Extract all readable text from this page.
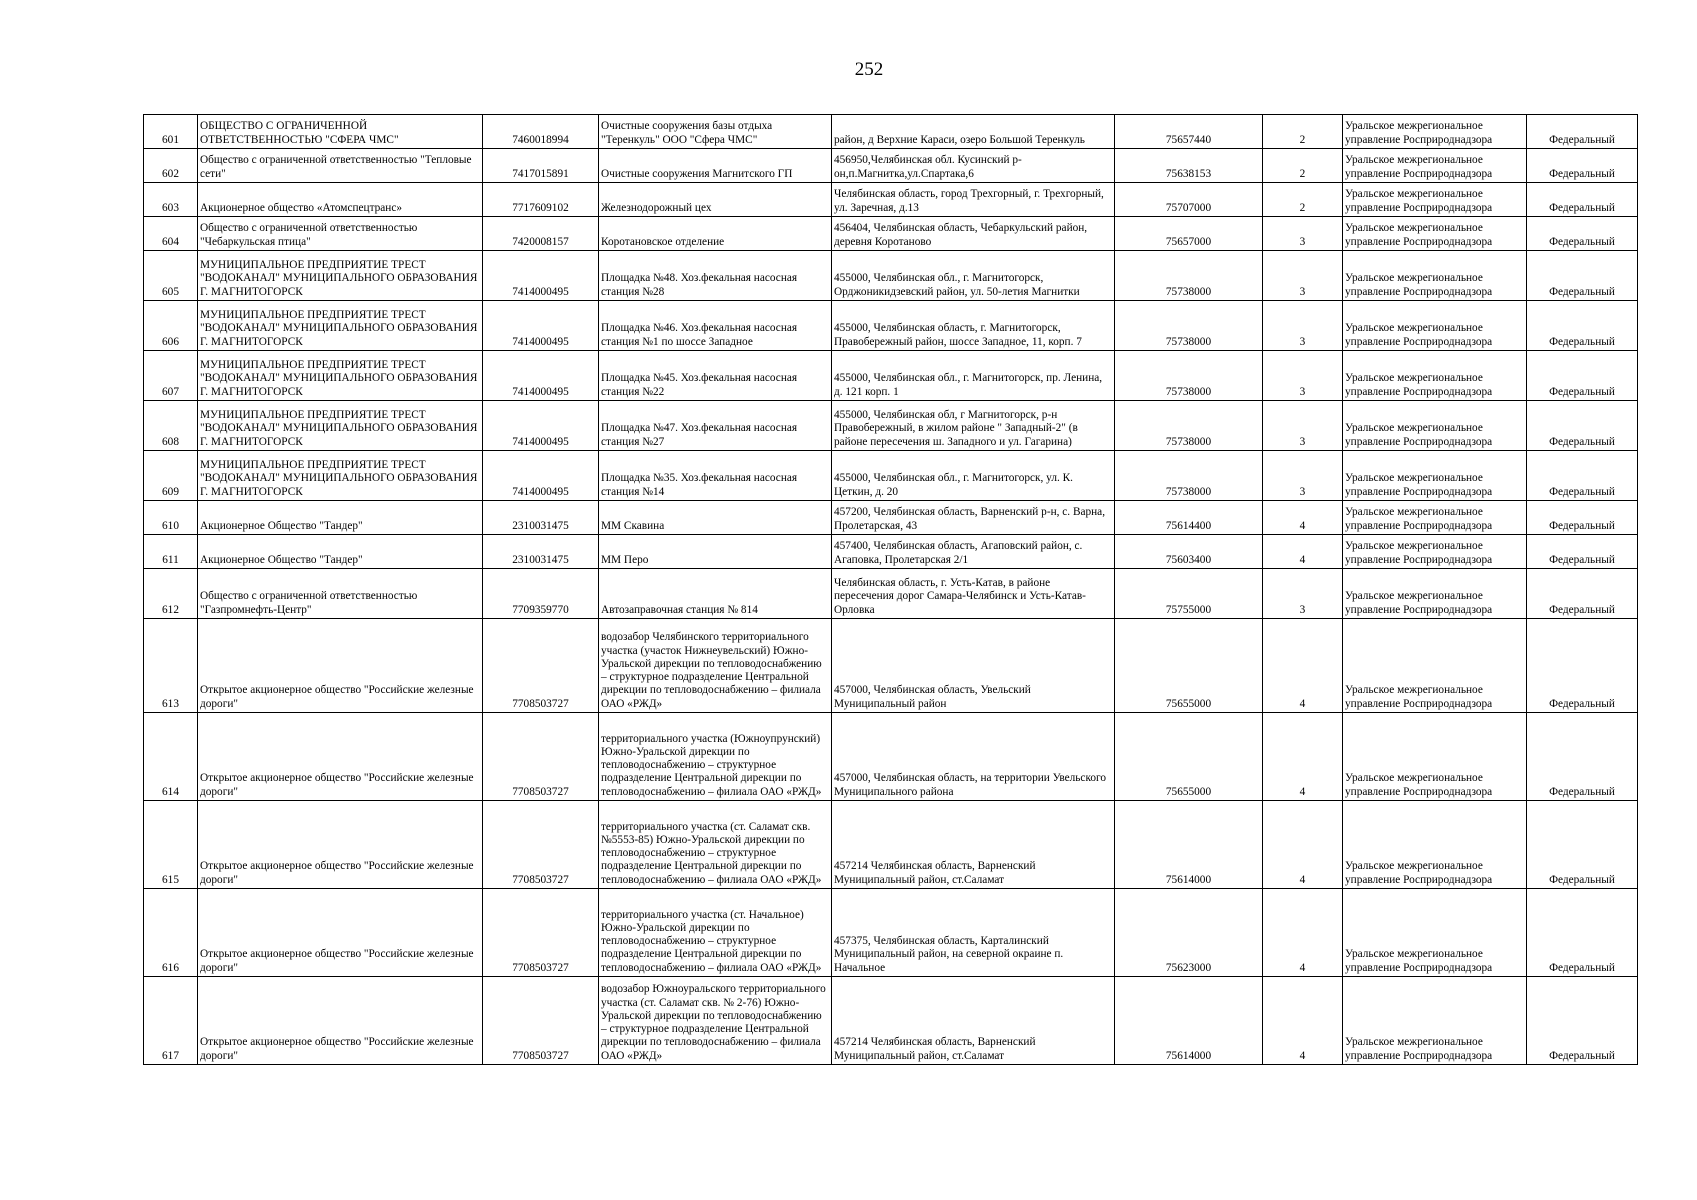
252
601	ОБЩЕСТВО С ОГРАНИЧЕННОЙ ОТВЕТСТВЕННОСТЬЮ "СФЕРА ЧМС"	7460018994	Очистные сооружения базы отдыха "Теренкуль" ООО "Сфера ЧМС"	район, д Верхние Караси, озеро Большой Теренкуль	75657440	2	Уральское межрегиональное управление Росприроднадзора	Федеральный
602	Общество с ограниченной ответственностью "Тепловые сети"	7417015891	Очистные сооружения Магнитского ГП	456950,Челябинская обл. Кусинский р-он,п.Магнитка,ул.Спартака,6	75638153	2	Уральское межрегиональное управление Росприроднадзора	Федеральный
603	Акционерное общество «Атомспецтранс»	7717609102	Железнодорожный цех	Челябинская область, город Трехгорный, г. Трехгорный, ул. Заречная, д.13	75707000	2	Уральское межрегиональное управление Росприроднадзора	Федеральный
604	Общество с ограниченной ответственностью "Чебаркульская птица"	7420008157	Коротановское отделение	456404, Челябинская область, Чебаркульский район, деревня Коротаново	75657000	3	Уральское межрегиональное управление Росприроднадзора	Федеральный
605	МУНИЦИПАЛЬНОЕ ПРЕДПРИЯТИЕ ТРЕСТ "ВОДОКАНАЛ" МУНИЦИПАЛЬНОГО ОБРАЗОВАНИЯ Г. МАГНИТОГОРСК	7414000495	Площадка №48. Хоз.фекальная насосная станция №28	455000, Челябинская обл., г. Магнитогорск, Орджоникидзевский район, ул. 50-летия Магнитки	75738000	3	Уральское межрегиональное управление Росприроднадзора	Федеральный
606	МУНИЦИПАЛЬНОЕ ПРЕДПРИЯТИЕ ТРЕСТ "ВОДОКАНАЛ" МУНИЦИПАЛЬНОГО ОБРАЗОВАНИЯ Г. МАГНИТОГОРСК	7414000495	Площадка №46. Хоз.фекальная насосная станция №1 по шоссе Западное	455000, Челябинская область, г. Магнитогорск, Правобережный район, шоссе Западное, 11, корп. 7	75738000	3	Уральское межрегиональное управление Росприроднадзора	Федеральный
607	МУНИЦИПАЛЬНОЕ ПРЕДПРИЯТИЕ ТРЕСТ "ВОДОКАНАЛ" МУНИЦИПАЛЬНОГО ОБРАЗОВАНИЯ Г. МАГНИТОГОРСК	7414000495	Площадка №45. Хоз.фекальная насосная станция №22	455000, Челябинская обл., г. Магнитогорск, пр. Ленина, д. 121 корп. 1	75738000	3	Уральское межрегиональное управление Росприроднадзора	Федеральный
608	МУНИЦИПАЛЬНОЕ ПРЕДПРИЯТИЕ ТРЕСТ "ВОДОКАНАЛ" МУНИЦИПАЛЬНОГО ОБРАЗОВАНИЯ Г. МАГНИТОГОРСК	7414000495	Площадка №47. Хоз.фекальная насосная станция №27	455000, Челябинская обл, г Магнитогорск, р-н Правобережный, в жилом районе " Западный-2" (в районе пересечения ш. Западного и ул. Гагарина)	75738000	3	Уральское межрегиональное управление Росприроднадзора	Федеральный
609	МУНИЦИПАЛЬНОЕ ПРЕДПРИЯТИЕ ТРЕСТ "ВОДОКАНАЛ" МУНИЦИПАЛЬНОГО ОБРАЗОВАНИЯ Г. МАГНИТОГОРСК	7414000495	Площадка №35. Хоз.фекальная насосная станция №14	455000, Челябинская обл., г. Магнитогорск, ул. К. Цеткин, д. 20	75738000	3	Уральское межрегиональное управление Росприроднадзора	Федеральный
610	Акционерное Общество "Тандер"	2310031475	ММ Скавина	457200, Челябинская область, Варненский р-н, с. Варна, Пролетарская, 43	75614400	4	Уральское межрегиональное управление Росприроднадзора	Федеральный
611	Акционерное Общество "Тандер"	2310031475	ММ Перо	457400, Челябинская область, Агаповский район, с. Агаповка, Пролетарская 2/1	75603400	4	Уральское межрегиональное управление Росприроднадзора	Федеральный
612	Общество с ограниченной ответственностью "Газпромнефть-Центр"	7709359770	Автозаправочная станция № 814	Челябинская область, г. Усть-Катав, в районе пересечения дорог Самара-Челябинск и Усть-Катав-Орловка	75755000	3	Уральское межрегиональное управление Росприроднадзора	Федеральный
613	Открытое акционерное общество "Российские железные дороги"	7708503727	водозабор Челябинского территориального участка (участок Нижнеувельский) Южно-Уральской дирекции по тепловодоснабжению – структурное подразделение Центральной дирекции по тепловодоснабжению – филиала ОАО «РЖД»	457000, Челябинская область, Увельский Муниципальный район	75655000	4	Уральское межрегиональное управление Росприроднадзора	Федеральный
614	Открытое акционерное общество "Российские железные дороги"	7708503727	территориального участка (Южноупрунский) Южно-Уральской дирекции по тепловодоснабжению – структурное подразделение Центральной дирекции по тепловодоснабжению – филиала ОАО «РЖД»	457000, Челябинская область, на территории Увельского Муниципального района	75655000	4	Уральское межрегиональное управление Росприроднадзора	Федеральный
615	Открытое акционерное общество "Российские железные дороги"	7708503727	территориального участка (ст. Саламат скв. №5553-85) Южно-Уральской дирекции по тепловодоснабжению – структурное подразделение Центральной дирекции по тепловодоснабжению – филиала ОАО «РЖД»	457214 Челябинская область, Варненский Муниципальный район, ст.Саламат	75614000	4	Уральское межрегиональное управление Росприроднадзора	Федеральный
616	Открытое акционерное общество "Российские железные дороги"	7708503727	территориального участка (ст. Начальное) Южно-Уральской дирекции по тепловодоснабжению – структурное подразделение Центральной дирекции по тепловодоснабжению – филиала ОАО «РЖД»	457375, Челябинская область, Карталинский Муниципальный район, на северной окраине п. Начальное	75623000	4	Уральское межрегиональное управление Росприроднадзора	Федеральный
617	Открытое акционерное общество "Российские железные дороги"	7708503727	водозабор Южноуральского территориального участка (ст. Саламат скв. № 2-76) Южно-Уральской дирекции по тепловодоснабжению – структурное подразделение Центральной дирекции по тепловодоснабжению – филиала ОАО «РЖД»	457214 Челябинская область, Варненский Муниципальный район, ст.Саламат	75614000	4	Уральское межрегиональное управление Росприроднадзора	Федеральный
